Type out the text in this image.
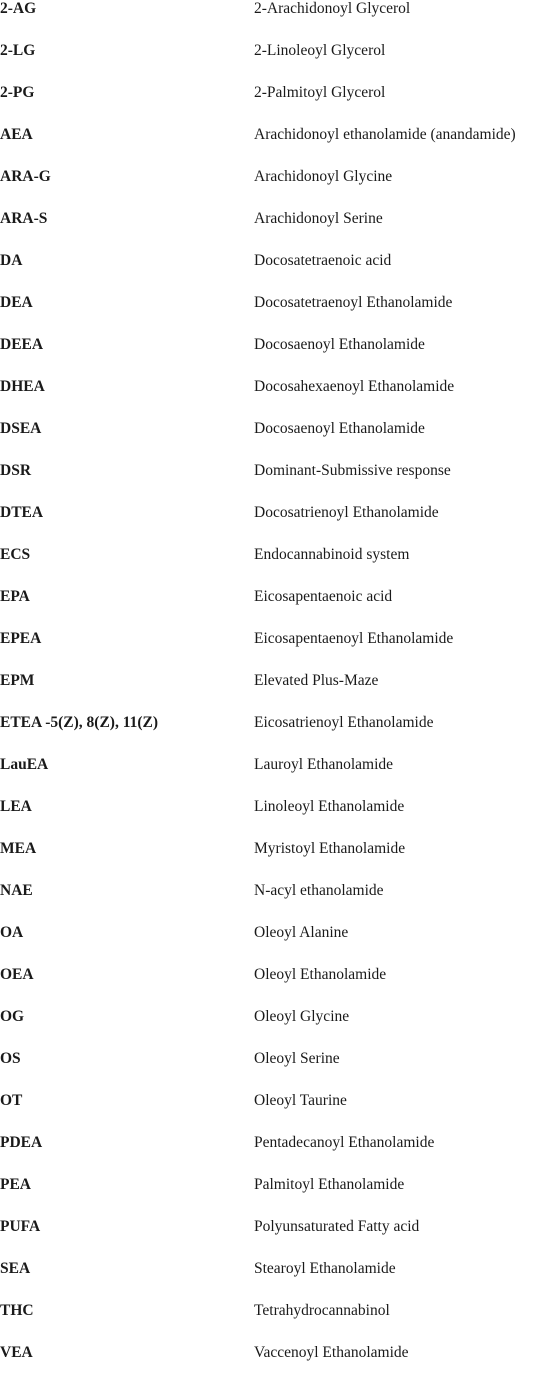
2-AG	2-Arachidonoyl Glycerol
2-LG	2-Linoleoyl Glycerol
2-PG	2-Palmitoyl Glycerol
AEA	Arachidonoyl ethanolamide (anandamide)
ARA-G	Arachidonoyl Glycine
ARA-S	Arachidonoyl Serine
DA	Docosatetraenoic acid
DEA	Docosatetraenoyl Ethanolamide
DEEA	Docosaenoyl Ethanolamide
DHEA	Docosahexaenoyl Ethanolamide
DSEA	Docosaenoyl Ethanolamide
DSR	Dominant-Submissive response
DTEA	Docosatrienoyl Ethanolamide
ECS	Endocannabinoid system
EPA	Eicosapentaenoic acid
EPEA	Eicosapentaenoyl Ethanolamide
EPM	Elevated Plus-Maze
ETEA -5(Z), 8(Z), 11(Z)	Eicosatrienoyl Ethanolamide
LauEA	Lauroyl Ethanolamide
LEA	Linoleoyl Ethanolamide
MEA	Myristoyl Ethanolamide
NAE	N-acyl ethanolamide
OA	Oleoyl Alanine
OEA	Oleoyl Ethanolamide
OG	Oleoyl Glycine
OS	Oleoyl Serine
OT	Oleoyl Taurine
PDEA	Pentadecanoyl Ethanolamide
PEA	Palmitoyl Ethanolamide
PUFA	Polyunsaturated Fatty acid
SEA	Stearoyl Ethanolamide
THC	Tetrahydrocannabinol
VEA	Vaccenoyl Ethanolamide
